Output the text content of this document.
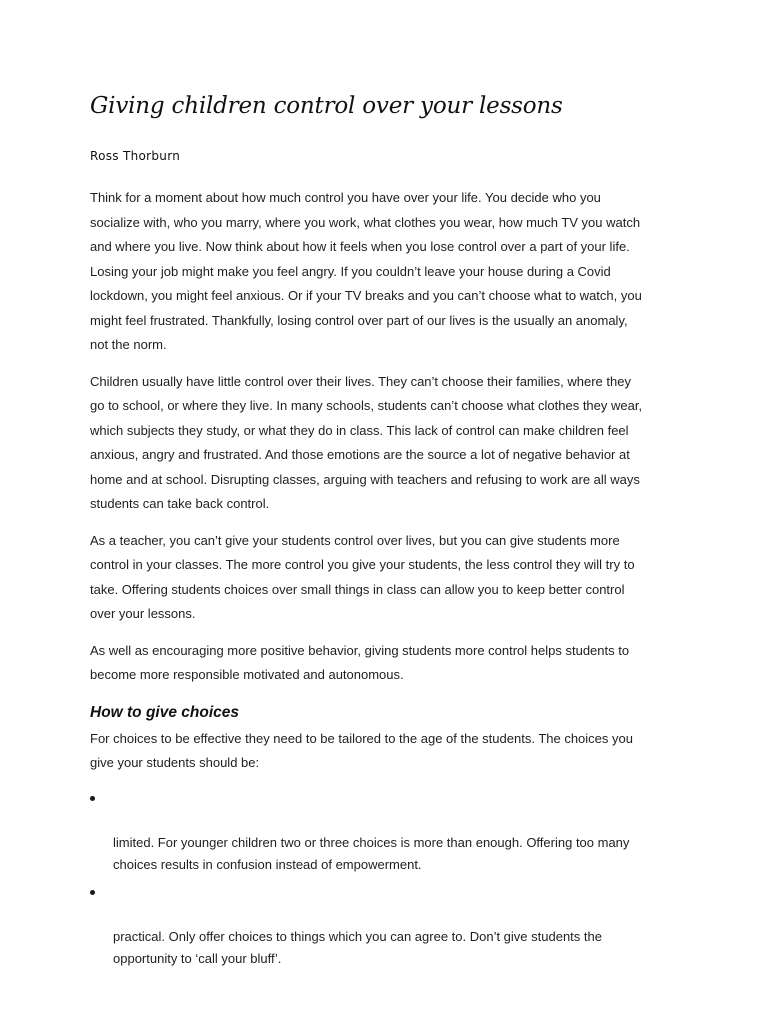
Giving children control over your lessons

Ross Thorburn

Think for a moment about how much control you have over your life. You decide who you
socialize with, who you marry, where you work, what clothes you wear, how much TV you watch
and where you live. Now think about how it feels when you lose control over a part of your life.
Losing your job might make you feel angry. If you couldn’t leave your house during a Covid
lockdown, you might feel anxious. Or if your TV breaks and you can’t choose what to watch, you
might feel frustrated. Thankfully, losing control over part of our lives is the usually an anomaly,
not the norm.

Children usually have little control over their lives. They can’t choose their families, where they
go to school, or where they live. In many schools, students can’t choose what clothes they wear,
which subjects they study, or what they do in class. This lack of control can make children feel
anxious, angry and frustrated. And those emotions are the source a lot of negative behavior at
home and at school. Disrupting classes, arguing with teachers and refusing to work are all ways
students can take back control.

As a teacher, you can’t give your students control over lives, but you can give students more
control in your classes. The more control you give your students, the less control they will try to
take. Offering students choices over small things in class can allow you to keep better control
over your lessons.

As well as encouraging more positive behavior, giving students more control helps students to
become more responsible motivated and autonomous.

How to give choices

For choices to be effective they need to be tailored to the age of the students. The choices you
give your students should be:

limited. For younger children two or three choices is more than enough. Offering too many
choices results in confusion instead of empowerment.

practical. Only offer choices to things which you can agree to. Don’t give students the
opportunity to ‘call your bluff’.
